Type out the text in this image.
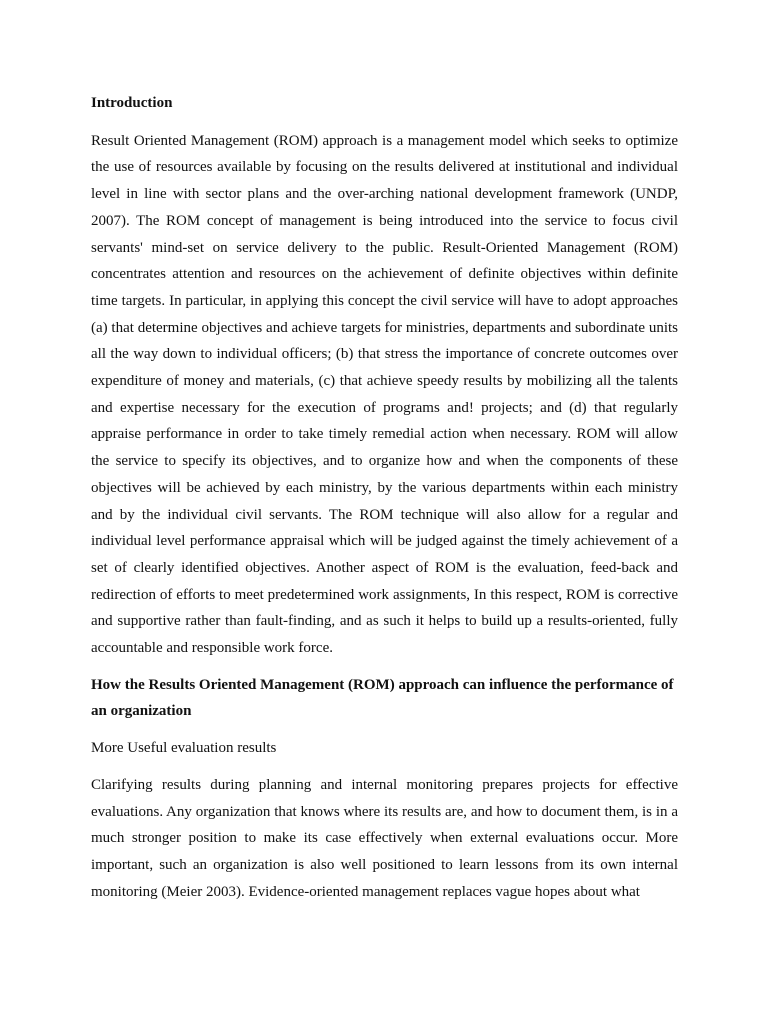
Introduction

Result Oriented Management (ROM) approach is a management model which seeks to optimize the use of resources available by focusing on the results delivered at institutional and individual level in line with sector plans and the over-arching national development framework (UNDP, 2007). The ROM concept of management is being introduced into the service to focus civil servants' mind-set on service delivery to the public. Result-Oriented Management (ROM) concentrates attention and resources on the achievement of definite objectives within definite time targets. In particular, in applying this concept the civil service will have to adopt approaches (a) that determine objectives and achieve targets for ministries, departments and subordinate units all the way down to individual officers; (b) that stress the importance of concrete outcomes over expenditure of money and materials, (c) that achieve speedy results by mobilizing all the talents and expertise necessary for the execution of programs and! projects; and (d) that regularly appraise performance in order to take timely remedial action when necessary. ROM will allow the service to specify its objectives, and to organize how and when the components of these objectives will be achieved by each ministry, by the various departments within each ministry and by the individual civil servants. The ROM technique will also allow for a regular and individual level performance appraisal which will be judged against the timely achievement of a set of clearly identified objectives. Another aspect of ROM is the evaluation, feed-back and redirection of efforts to meet predetermined work assignments, In this respect, ROM is corrective and supportive rather than fault-finding, and as such it helps to build up a results-oriented, fully accountable and responsible work force.

How the Results Oriented Management (ROM) approach can influence the performance of an organization

More Useful evaluation results

Clarifying results during planning and internal monitoring prepares projects for effective evaluations. Any organization that knows where its results are, and how to document them, is in a much stronger position to make its case effectively when external evaluations occur. More important, such an organization is also well positioned to learn lessons from its own internal monitoring (Meier 2003). Evidence-oriented management replaces vague hopes about what
